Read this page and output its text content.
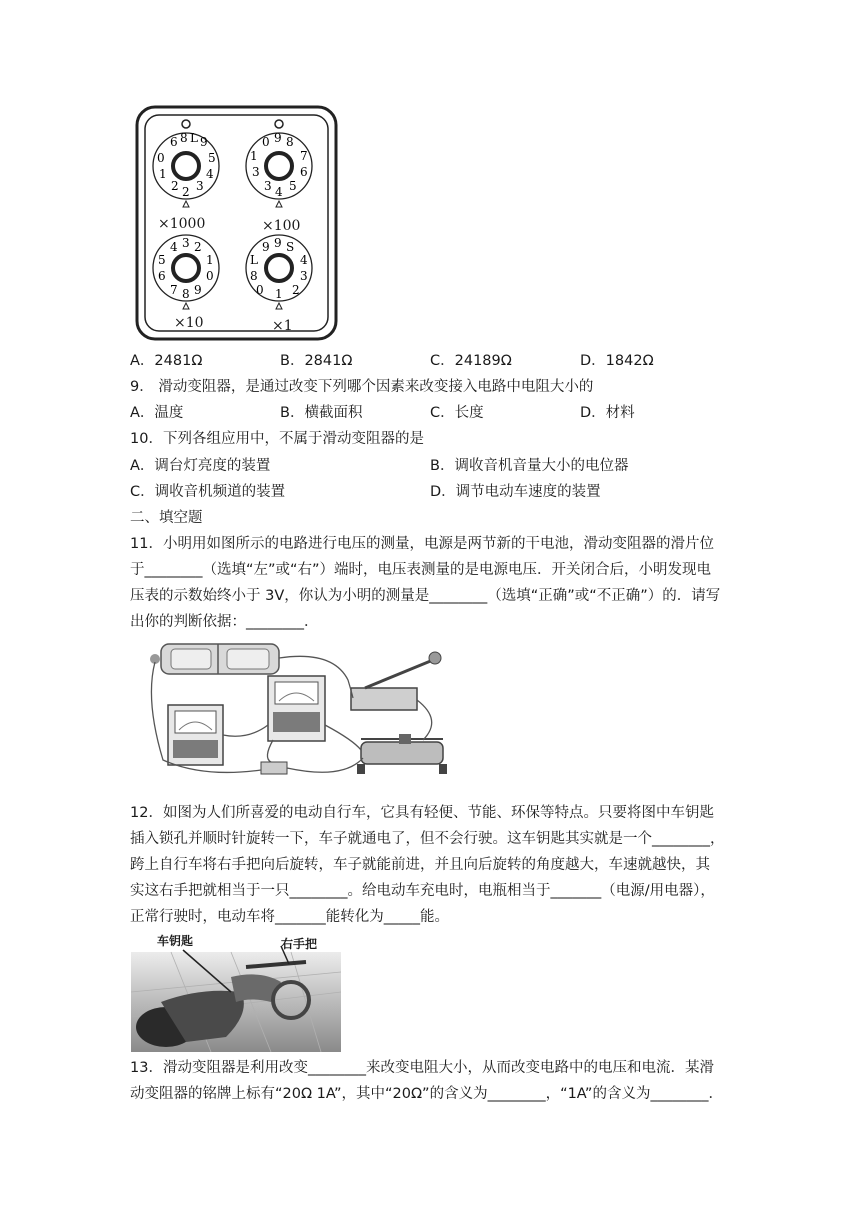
6 8 L 9
0	5
1	4
2 3
2
0 9 8
1	7
3	6
3 5
4
3 2
4
5	1
6	0
7 8 9
9 9 S
L	4
8	3
0 1 2
×1000	×100
×10	×1
A．2481Ω	B．2841Ω	C．24189Ω	D．1842Ω
9． 滑动变阻器，是通过改变下列哪个因素来改变接入电路中电阻大小的
A．温度	B．横截面积	C．长度	D．材料
10．下列各组应用中，不属于滑动变阻器的是
A．调台灯亮度的装置	B．调收音机音量大小的电位器
C．调收音机频道的装置	D．调节电动车速度的装置
二、填空题
11．小明用如图所示的电路进行电压的测量，电源是两节新的干电池，滑动变阻器的滑片位
于________（选填“左”或“右”）端时，电压表测量的是电源电压．开关闭合后，小明发现电
压表的示数始终小于 3V，你认为小明的测量是________（选填“正确”或“不正确”）的．请写
出你的判断依据：________．
12．如图为人们所喜爱的电动自行车，它具有轻便、节能、环保等特点。只要将图中车钥匙
插入锁孔并顺时针旋转一下，车子就通电了，但不会行驶。这车钥匙其实就是一个________，
跨上自行车将右手把向后旋转，车子就能前进，并且向后旋转的角度越大，车速就越快，其
实这右手把就相当于一只________。给电动车充电时，电瓶相当于_______（电源/用电器），
正常行驶时，电动车将_______能转化为_____能。
车钥匙	右手把
13．滑动变阻器是利用改变________来改变电阻大小，从而改变电路中的电压和电流．某滑
动变阻器的铭牌上标有“20Ω 1A”，其中“20Ω”的含义为________，“1A”的含义为________．
